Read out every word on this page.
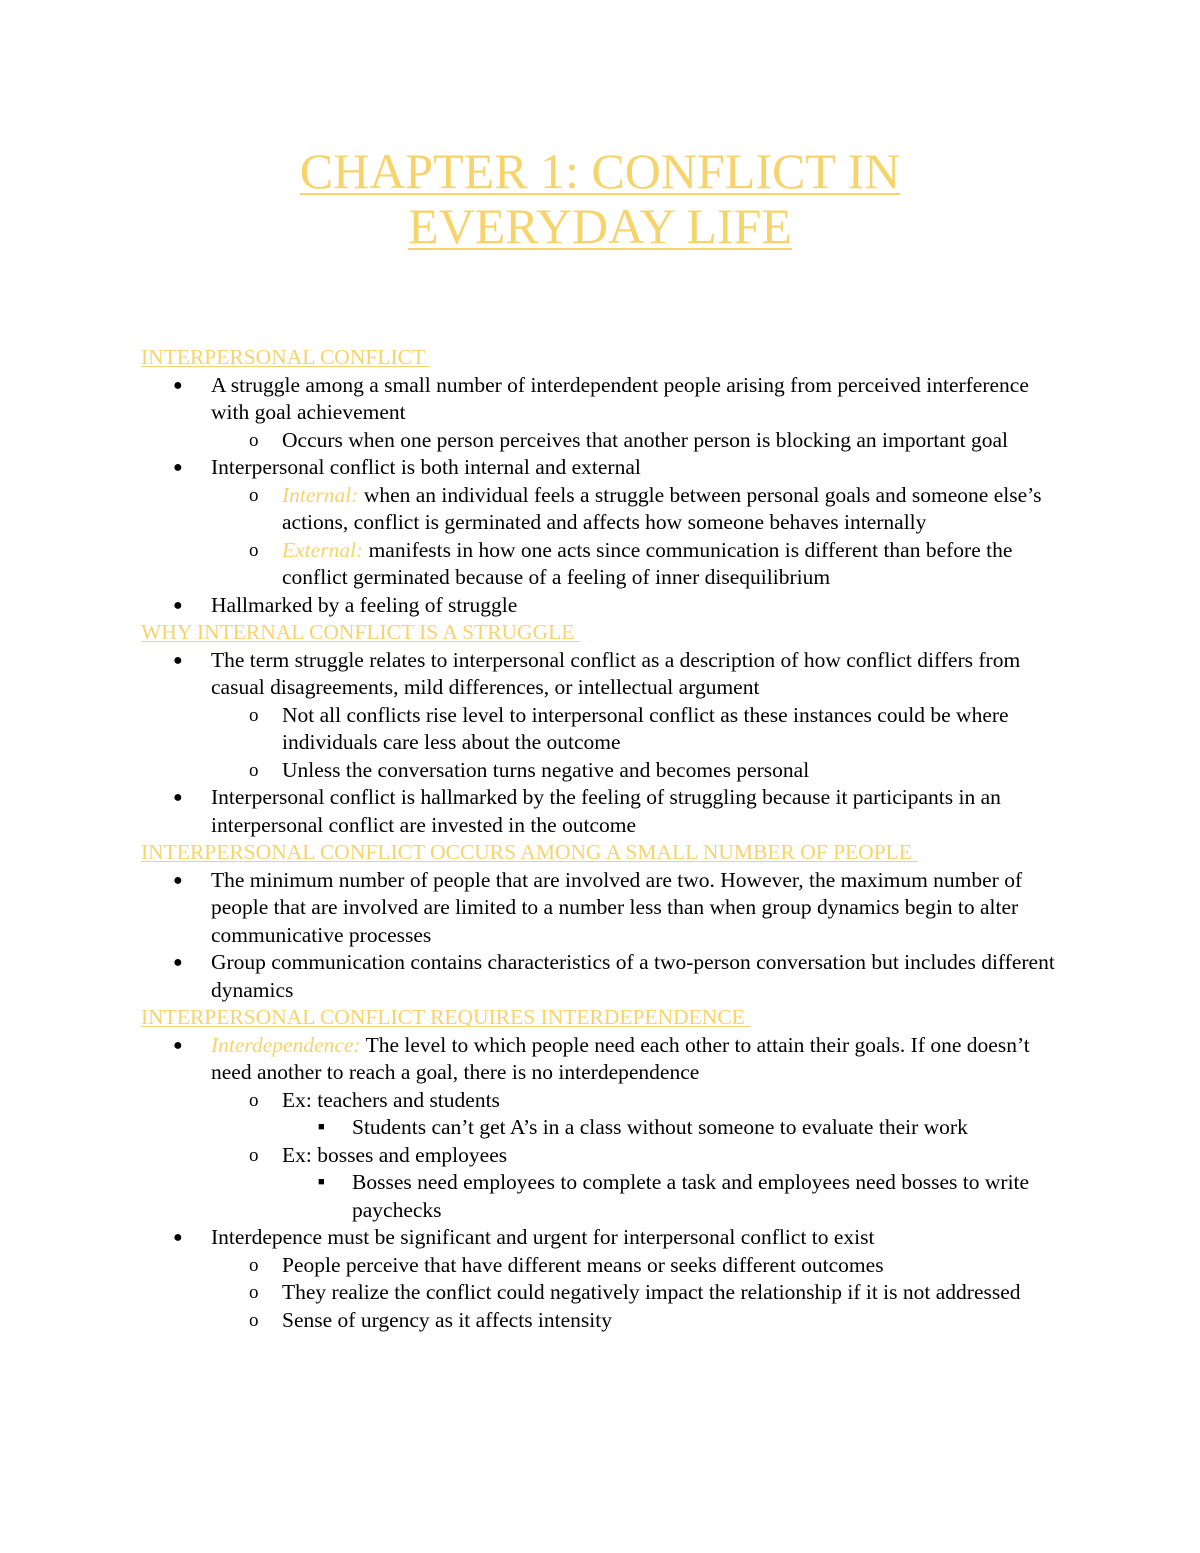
CHAPTER 1: CONFLICT IN
EVERYDAY LIFE
INTERPERSONAL CONFLICT
● A struggle among a small number of interdependent people arising from perceived interference with goal achievement
o Occurs when one person perceives that another person is blocking an important goal
● Interpersonal conflict is both internal and external
o Internal: when an individual feels a struggle between personal goals and someone else’s actions, conflict is germinated and affects how someone behaves internally
o External: manifests in how one acts since communication is different than before the conflict germinated because of a feeling of inner disequilibrium
● Hallmarked by a feeling of struggle
WHY INTERNAL CONFLICT IS A STRUGGLE
● The term struggle relates to interpersonal conflict as a description of how conflict differs from casual disagreements, mild differences, or intellectual argument
o Not all conflicts rise level to interpersonal conflict as these instances could be where individuals care less about the outcome
o Unless the conversation turns negative and becomes personal
● Interpersonal conflict is hallmarked by the feeling of struggling because it participants in an interpersonal conflict are invested in the outcome
INTERPERSONAL CONFLICT OCCURS AMONG A SMALL NUMBER OF PEOPLE
● The minimum number of people that are involved are two. However, the maximum number of people that are involved are limited to a number less than when group dynamics begin to alter communicative processes
● Group communication contains characteristics of a two-person conversation but includes different dynamics
INTERPERSONAL CONFLICT REQUIRES INTERDEPENDENCE
● Interdependence: The level to which people need each other to attain their goals. If one doesn’t need another to reach a goal, there is no interdependence
o Ex: teachers and students
■ Students can’t get A’s in a class without someone to evaluate their work
o Ex: bosses and employees
■ Bosses need employees to complete a task and employees need bosses to write paychecks
● Interdepence must be significant and urgent for interpersonal conflict to exist
o People perceive that have different means or seeks different outcomes
o They realize the conflict could negatively impact the relationship if it is not addressed
o Sense of urgency as it affects intensity
